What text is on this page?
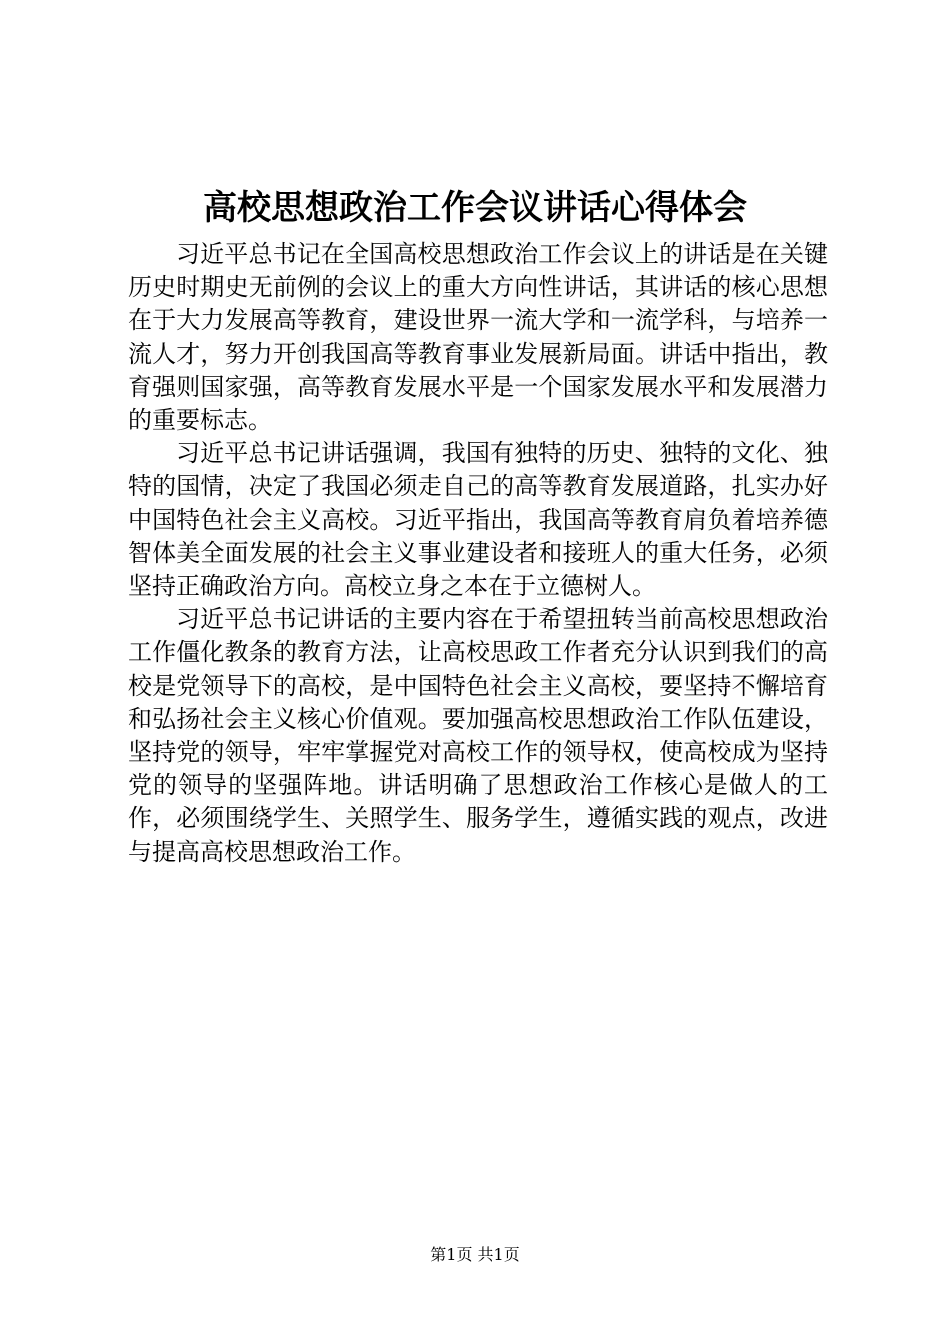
高校思想政治工作会议讲话心得体会

习近平总书记在全国高校思想政治工作会议上的讲话是在关键历史时期史无前例的会议上的重大方向性讲话，其讲话的核心思想在于大力发展高等教育，建设世界一流大学和一流学科，与培养一流人才，努力开创我国高等教育事业发展新局面。讲话中指出，教育强则国家强，高等教育发展水平是一个国家发展水平和发展潜力的重要标志。

习近平总书记讲话强调，我国有独特的历史、独特的文化、独特的国情，决定了我国必须走自己的高等教育发展道路，扎实办好中国特色社会主义高校。习近平指出，我国高等教育肩负着培养德智体美全面发展的社会主义事业建设者和接班人的重大任务，必须坚持正确政治方向。高校立身之本在于立德树人。

习近平总书记讲话的主要内容在于希望扭转当前高校思想政治工作僵化教条的教育方法，让高校思政工作者充分认识到我们的高校是党领导下的高校，是中国特色社会主义高校，要坚持不懈培育和弘扬社会主义核心价值观。要加强高校思想政治工作队伍建设，坚持党的领导，牢牢掌握党对高校工作的领导权，使高校成为坚持党的领导的坚强阵地。讲话明确了思想政治工作核心是做人的工作，必须围绕学生、关照学生、服务学生，遵循实践的观点，改进与提高高校思想政治工作。

第1页 共1页
